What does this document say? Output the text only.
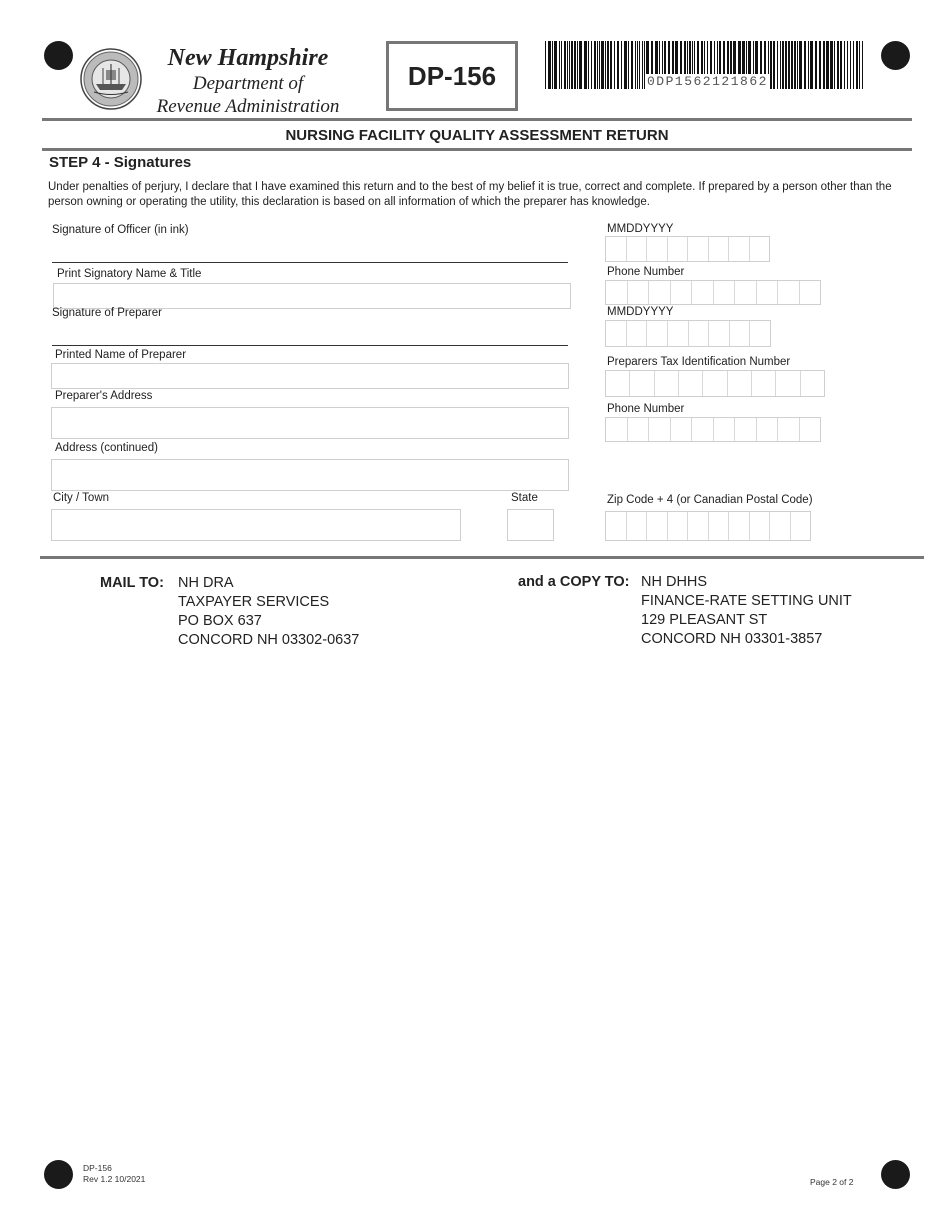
New Hampshire
Department of
Revenue Administration
DP-156	0DP1562121862
NURSING FACILITY QUALITY ASSESSMENT RETURN
STEP 4 - Signatures
Under penalties of perjury, I declare that I have examined this return and to the best of my belief it is true, correct and complete. If prepared by a person other than the person owning or operating the utility, this declaration is based on all information of which the preparer has knowledge.
Signature of Officer (in ink)
Print Signatory Name & Title
Signature of Preparer
Printed Name of Preparer
Preparer's Address
Address (continued)
City / Town	State
MMDDYYYY
Phone Number
MMDDYYYY
Preparers Tax Identification Number
Phone Number
Zip Code + 4 (or Canadian Postal Code)
MAIL TO: NH DRA
TAXPAYER SERVICES
PO BOX 637
CONCORD NH 03302-0637
and a COPY TO: NH DHHS
FINANCE-RATE SETTING UNIT
129 PLEASANT ST
CONCORD NH 03301-3857
DP-156
Rev 1.2 10/2021	Page 2 of 2
